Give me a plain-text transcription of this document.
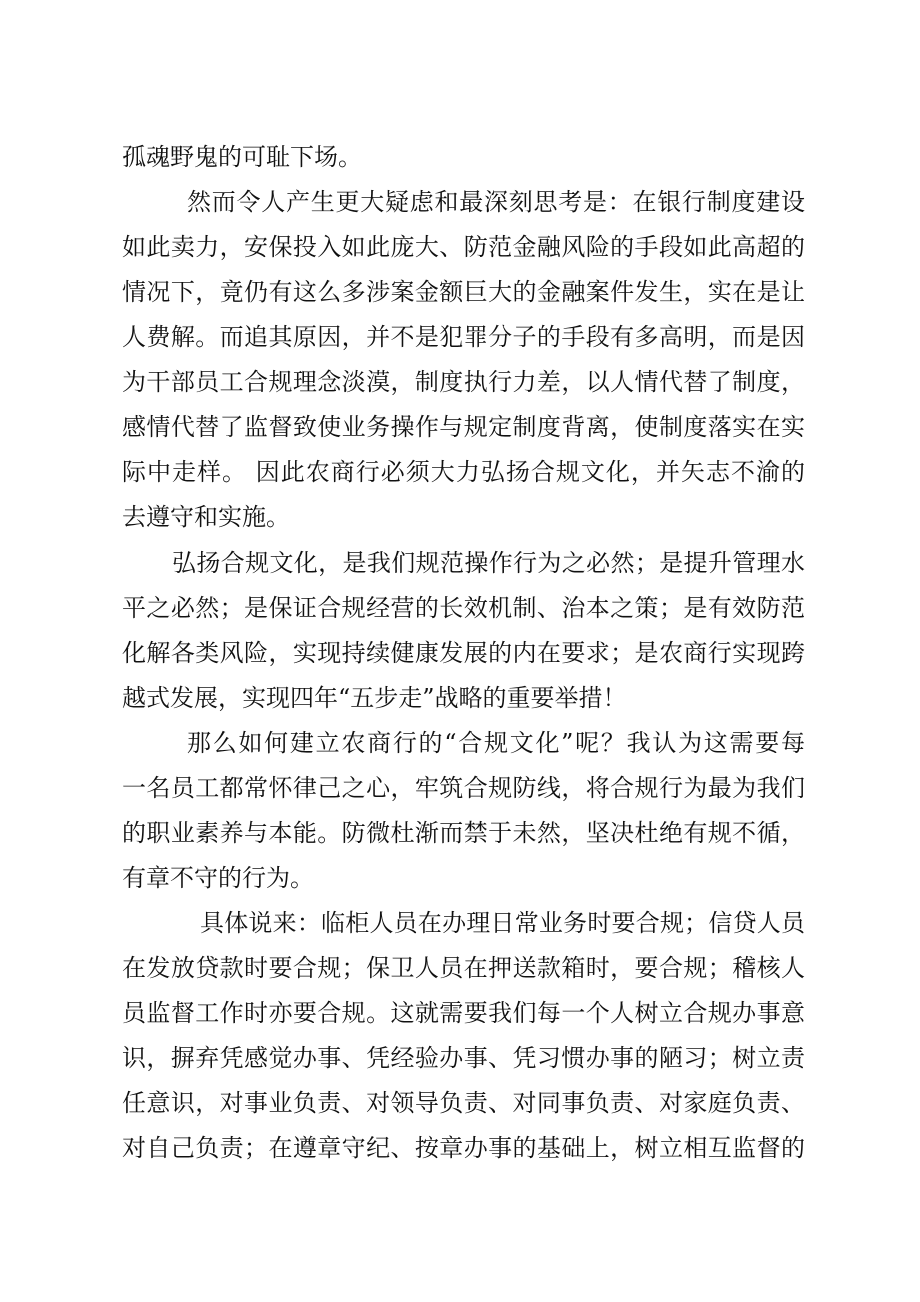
孤魂野鬼的可耻下场。
然而令人产生更大疑虑和最深刻思考是：在银行制度建设
如此卖力，安保投入如此庞大、防范金融风险的手段如此高超的
情况下，竟仍有这么多涉案金额巨大的金融案件发生，实在是让
人费解。而追其原因，并不是犯罪分子的手段有多高明，而是因
为干部员工合规理念淡漠，制度执行力差，以人情代替了制度，
感情代替了监督致使业务操作与规定制度背离，使制度落实在实
际中走样。 因此农商行必须大力弘扬合规文化，并矢志不渝的
去遵守和实施。
弘扬合规文化，是我们规范操作行为之必然；是提升管理水
平之必然；是保证合规经营的长效机制、治本之策；是有效防范
化解各类风险，实现持续健康发展的内在要求；是农商行实现跨
越式发展，实现四年“五步走”战略的重要举措！
那么如何建立农商行的“合规文化”呢？我认为这需要每
一名员工都常怀律己之心，牢筑合规防线，将合规行为最为我们
的职业素养与本能。防微杜渐而禁于未然，坚决杜绝有规不循，
有章不守的行为。
具体说来：临柜人员在办理日常业务时要合规；信贷人员
在发放贷款时要合规；保卫人员在押送款箱时，要合规；稽核人
员监督工作时亦要合规。这就需要我们每一个人树立合规办事意
识，摒弃凭感觉办事、凭经验办事、凭习惯办事的陋习；树立责
任意识，对事业负责、对领导负责、对同事负责、对家庭负责、
对自己负责；在遵章守纪、按章办事的基础上，树立相互监督的
